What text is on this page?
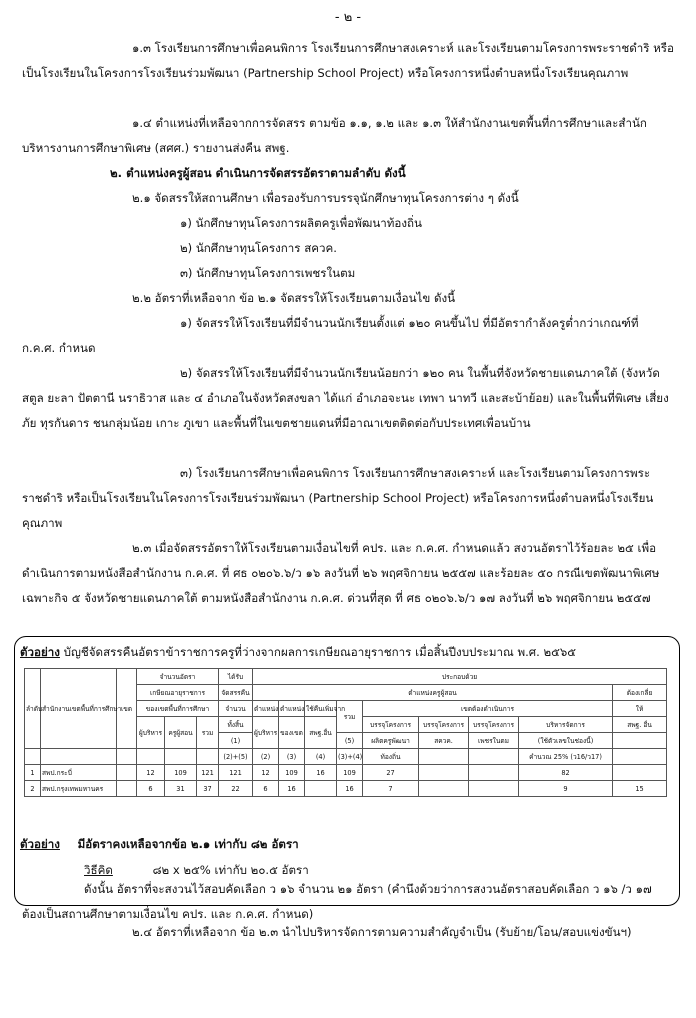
- ๒ -

๑.๓ โรงเรียนการศึกษาเพื่อคนพิการ โรงเรียนการศึกษาสงเคราะห์ และโรงเรียนตามโครงการพระราชดำริ หรือเป็นโรงเรียนในโครงการโรงเรียนร่วมพัฒนา (Partnership School Project) หรือโครงการหนึ่งตำบลหนึ่งโรงเรียนคุณภาพ

๑.๔ ตำแหน่งที่เหลือจากการจัดสรร ตามข้อ ๑.๑, ๑.๒ และ ๑.๓ ให้สำนักงานเขตพื้นที่การศึกษาและสำนักบริหารงานการศึกษาพิเศษ (สศศ.) รายงานส่งคืน สพฐ.

๒. ตำแหน่งครูผู้สอน ดำเนินการจัดสรรอัตราตามลำดับ ดังนี้

๒.๑ จัดสรรให้สถานศึกษา เพื่อรองรับการบรรจุนักศึกษาทุนโครงการต่าง ๆ ดังนี้

๑) นักศึกษาทุนโครงการผลิตครูเพื่อพัฒนาท้องถิ่น

๒) นักศึกษาทุนโครงการ สควค.

๓) นักศึกษาทุนโครงการเพชรในตม

๒.๒ อัตราที่เหลือจาก ข้อ ๒.๑ จัดสรรให้โรงเรียนตามเงื่อนไข ดังนี้

๑) จัดสรรให้โรงเรียนที่มีจำนวนนักเรียนตั้งแต่ ๑๒๐ คนขึ้นไป ที่มีอัตรากำลังครูต่ำกว่าเกณฑ์ที่ ก.ค.ศ. กำหนด

๒) จัดสรรให้โรงเรียนที่มีจำนวนนักเรียนน้อยกว่า ๑๒๐ คน ในพื้นที่จังหวัดชายแดนภาคใต้ (จังหวัดสตูล ยะลา ปัตตานี นราธิวาส และ ๔ อำเภอในจังหวัดสงขลา ได้แก่ อำเภอจะนะ เทพา นาทวี และสะบ้าย้อย) และในพื้นที่พิเศษ เสี่ยงภัย ทุรกันดาร ชนกลุ่มน้อย เกาะ ภูเขา และพื้นที่ในเขตชายแดนที่มีอาณาเขตติดต่อกับประเทศเพื่อนบ้าน

๓) โรงเรียนการศึกษาเพื่อคนพิการ โรงเรียนการศึกษาสงเคราะห์ และโรงเรียนตามโครงการพระราชดำริ หรือเป็นโรงเรียนในโครงการโรงเรียนร่วมพัฒนา (Partnership School Project) หรือโครงการหนึ่งตำบลหนึ่งโรงเรียนคุณภาพ

๒.๓ เมื่อจัดสรรอัตราให้โรงเรียนตามเงื่อนไขที่ คปร. และ ก.ค.ศ. กำหนดแล้ว สงวนอัตราไว้ร้อยละ ๒๕ เพื่อดำเนินการตามหนังสือสำนักงาน ก.ค.ศ. ที่ ศธ ๐๒๐๖.๖/ว ๑๖ ลงวันที่ ๒๖ พฤศจิกายน ๒๕๕๗ และร้อยละ ๕๐ กรณีเขตพัฒนาพิเศษเฉพาะกิจ ๕ จังหวัดชายแดนภาคใต้ ตามหนังสือสำนักงาน ก.ค.ศ. ด่วนที่สุด ที่ ศธ ๐๒๐๖.๖/ว ๑๗ ลงวันที่ ๒๖ พฤศจิกายน ๒๕๕๗

ตัวอย่าง บัญชีจัดสรรคืนอัตราข้าราชการครูที่ว่างจากผลการเกษียณอายุราชการ เมื่อสิ้นปีงบประมาณ พ.ศ. ๒๕๖๕
ลำดับ	สำนักงานเขตพื้นที่การศึกษา	เขต	จำนวนอัตรา			ได้รับ	ประกอบด้วย								
			เกษียณอายุราชการ			จัดสรรคืน	ตำแหน่งครูผู้สอน								ต้องเกลี่ย
			ของเขตพื้นที่การศึกษา			จำนวน	ตำแหน่ง	ตำแหน่ง	ใช้คืนเพิ่มจาก	รวม	เขตต้องดำเนินการ				ให้
			ผู้บริหาร	ครูผู้สอน	รวม	ทั้งสิ้น	ผู้บริหาร	ของเขต	สพฐ.อื่น		บรรจุโครงการ	บรรจุโครงการ	บรรจุโครงการ	บริหารจัดการ	สพฐ. อื่น
						(1)				(5)	ผลิตครูพัฒนา	สควค.	เพชรในตม	(ใช้ตัวเลขในช่องนี้)	
						(2)+(5)	(2)	(3)	(4)	(3)+(4)	ท้องถิ่น			คำนวณ 25% (ว16/ว17)	
1	สพป.กระบี่		12	109	121	121	12	109	16	109	27			82	
2	สพป.กรุงเทพมหานคร		6	31	37	22	6	16		16	7			9	15
ตัวอย่าง มีอัตราคงเหลือจากข้อ ๒.๑ เท่ากับ ๘๒ อัตรา
วิธีคิด	๘๒ x ๒๕% เท่ากับ ๒๐.๕ อัตรา

ดังนั้น อัตราที่จะสงวนไว้สอบคัดเลือก ว ๑๖ จำนวน ๒๑ อัตรา (คำนึงด้วยว่าการสงวนอัตราสอบคัดเลือก ว ๑๖ /ว ๑๗ ต้องเป็นสถานศึกษาตามเงื่อนไข คปร. และ ก.ค.ศ. กำหนด)

๒.๔ อัตราที่เหลือจาก ข้อ ๒.๓ นำไปบริหารจัดการตามความสำคัญจำเป็น (รับย้าย/โอน/สอบแข่งขันฯ)
